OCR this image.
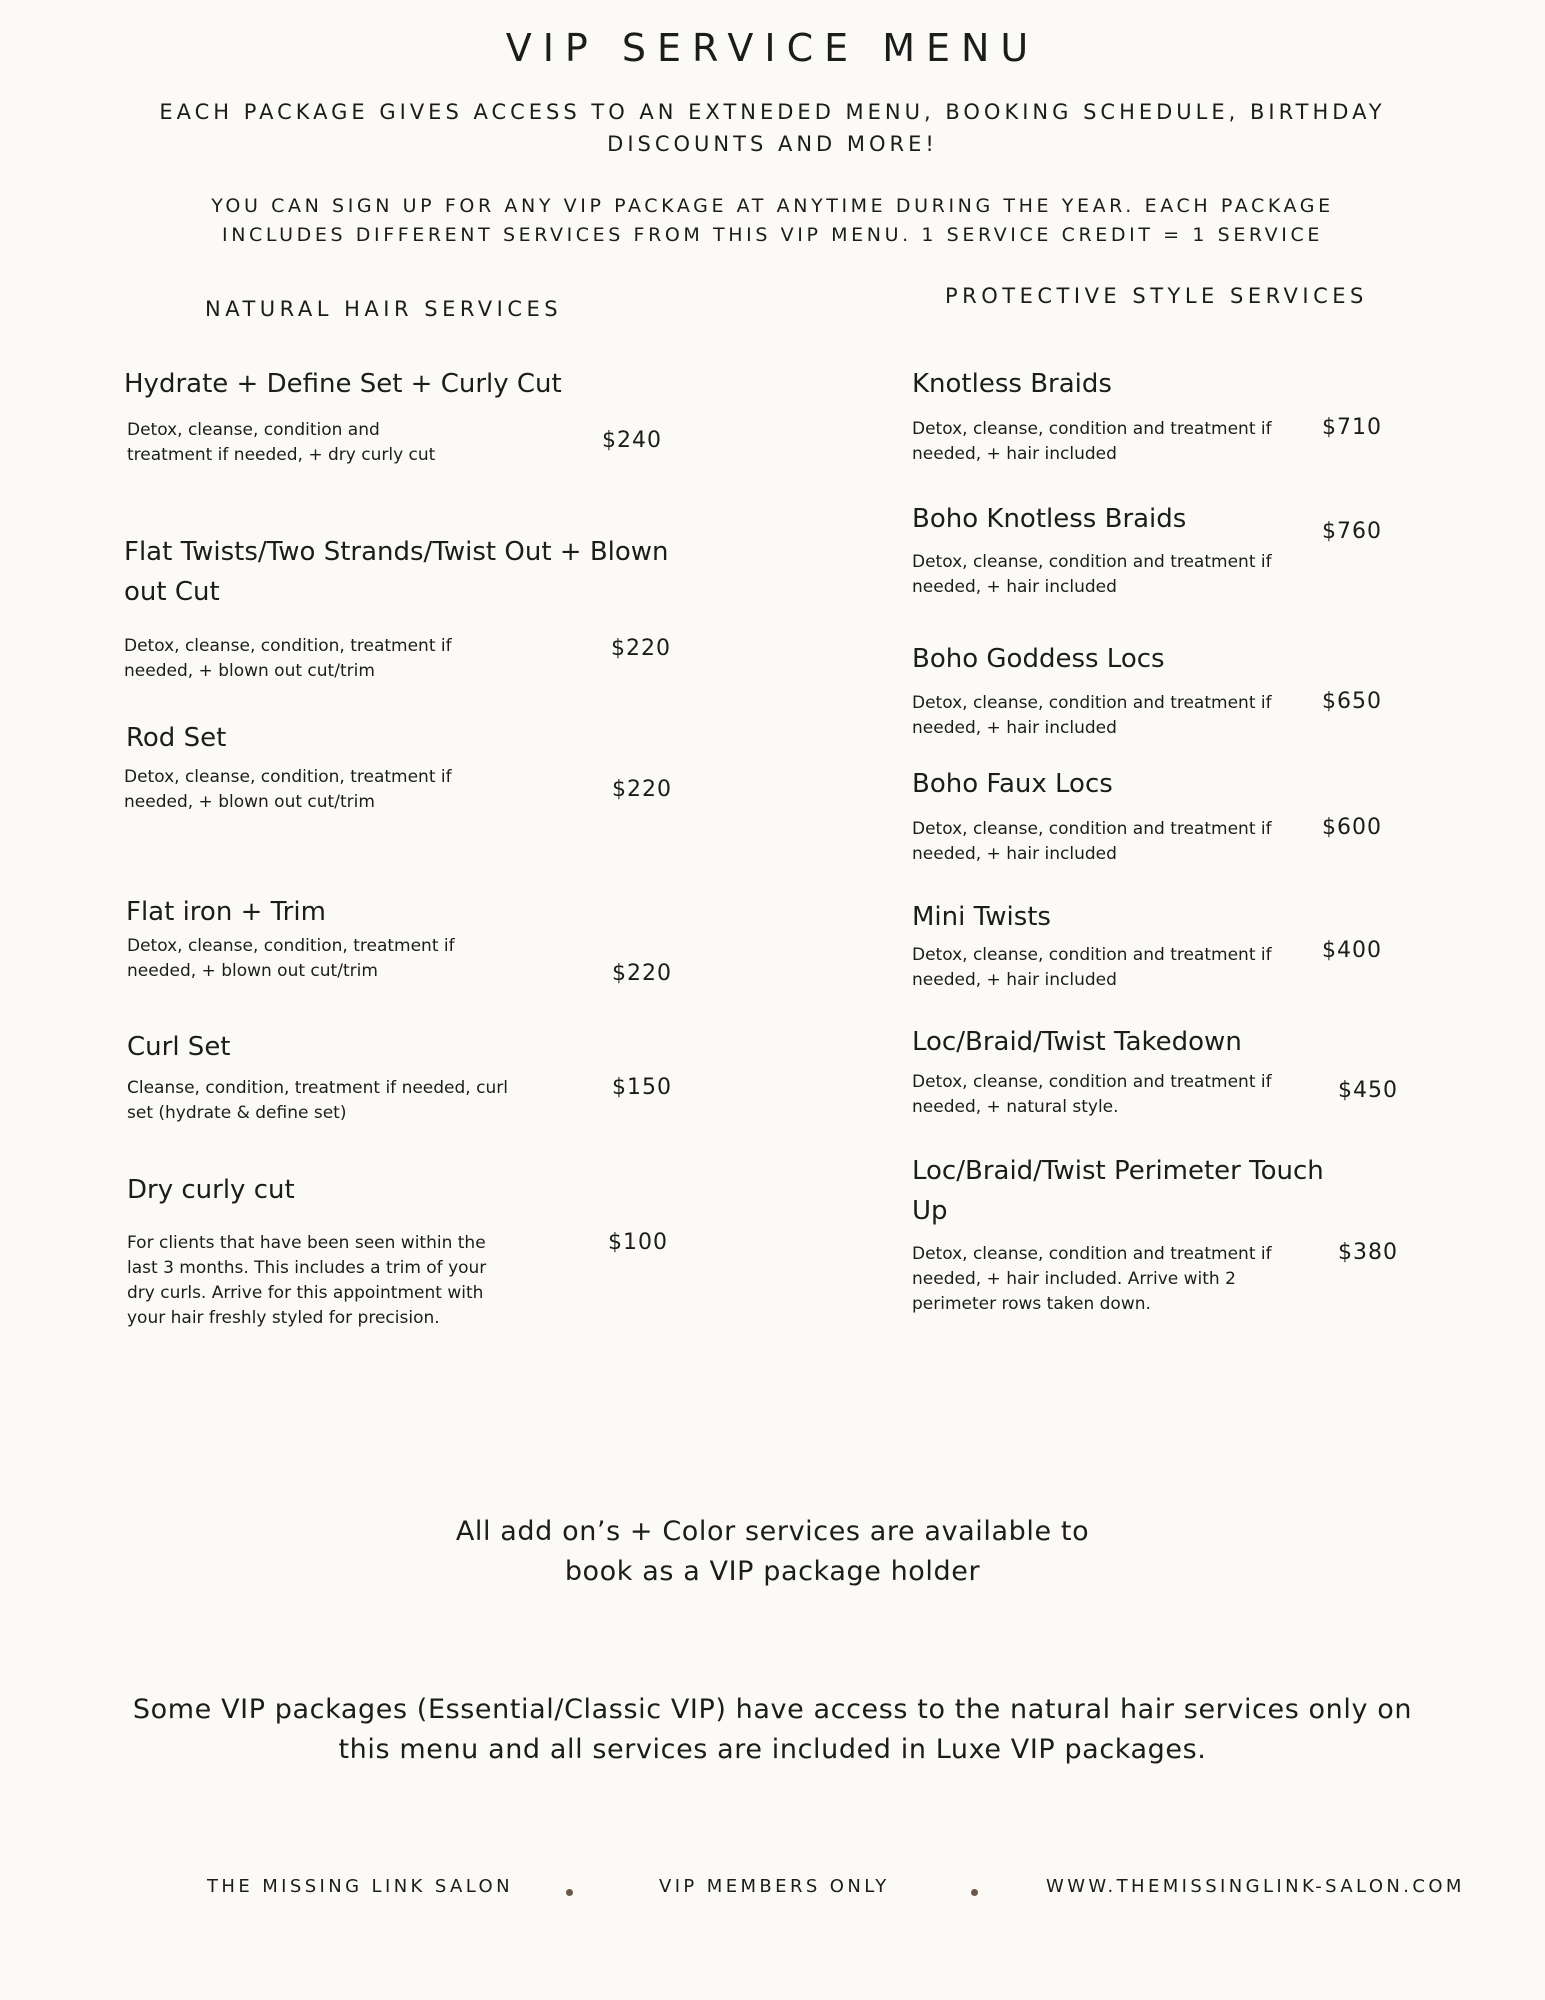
VIP SERVICE MENU
EACH PACKAGE GIVES ACCESS TO AN EXTNEDED MENU, BOOKING SCHEDULE, BIRTHDAY DISCOUNTS AND MORE!
YOU CAN SIGN UP FOR ANY VIP PACKAGE AT ANYTIME DURING THE YEAR. EACH PACKAGE INCLUDES DIFFERENT SERVICES FROM THIS VIP MENU. 1 SERVICE CREDIT = 1 SERVICE
NATURAL HAIR SERVICES
Hydrate + Define Set + Curly Cut
Detox, cleanse, condition and treatment if needed, + dry curly cut
$240
Flat Twists/Two Strands/Twist Out + Blown out Cut
Detox, cleanse, condition, treatment if needed, + blown out cut/trim
$220
Rod Set
Detox, cleanse, condition, treatment if needed, + blown out cut/trim	$220
Flat iron + Trim
Detox, cleanse, condition, treatment if needed, + blown out cut/trim	$220
Curl Set
Cleanse, condition, treatment if needed, curl set (hydrate & define set)
$150
Dry curly cut
For clients that have been seen within the last 3 months. This includes a trim of your dry curls. Arrive for this appointment with your hair freshly styled for precision.
$100
PROTECTIVE STYLE SERVICES
Knotless Braids
Detox, cleanse, condition and treatment if needed, + hair included
$710
Boho Knotless Braids
Detox, cleanse, condition and treatment if needed, + hair included
$760
Boho Goddess Locs
Detox, cleanse, condition and treatment if needed, + hair included
$650
Boho Faux Locs
Detox, cleanse, condition and treatment if needed, + hair included
$600
Mini Twists
Detox, cleanse, condition and treatment if needed, + hair included
$400
Loc/Braid/Twist Takedown
Detox, cleanse, condition and treatment if needed, + natural style.
$450
Loc/Braid/Twist Perimeter Touch Up
Detox, cleanse, condition and treatment if needed, + hair included. Arrive with 2 perimeter rows taken down.
$380
All add on’s + Color services are available to book as a VIP package holder
Some VIP packages (Essential/Classic VIP) have access to the natural hair services only on this menu and all services are included in Luxe VIP packages.
THE MISSING LINK SALON	VIP MEMBERS ONLY	WWW.THEMISSINGLINK-SALON.COM
